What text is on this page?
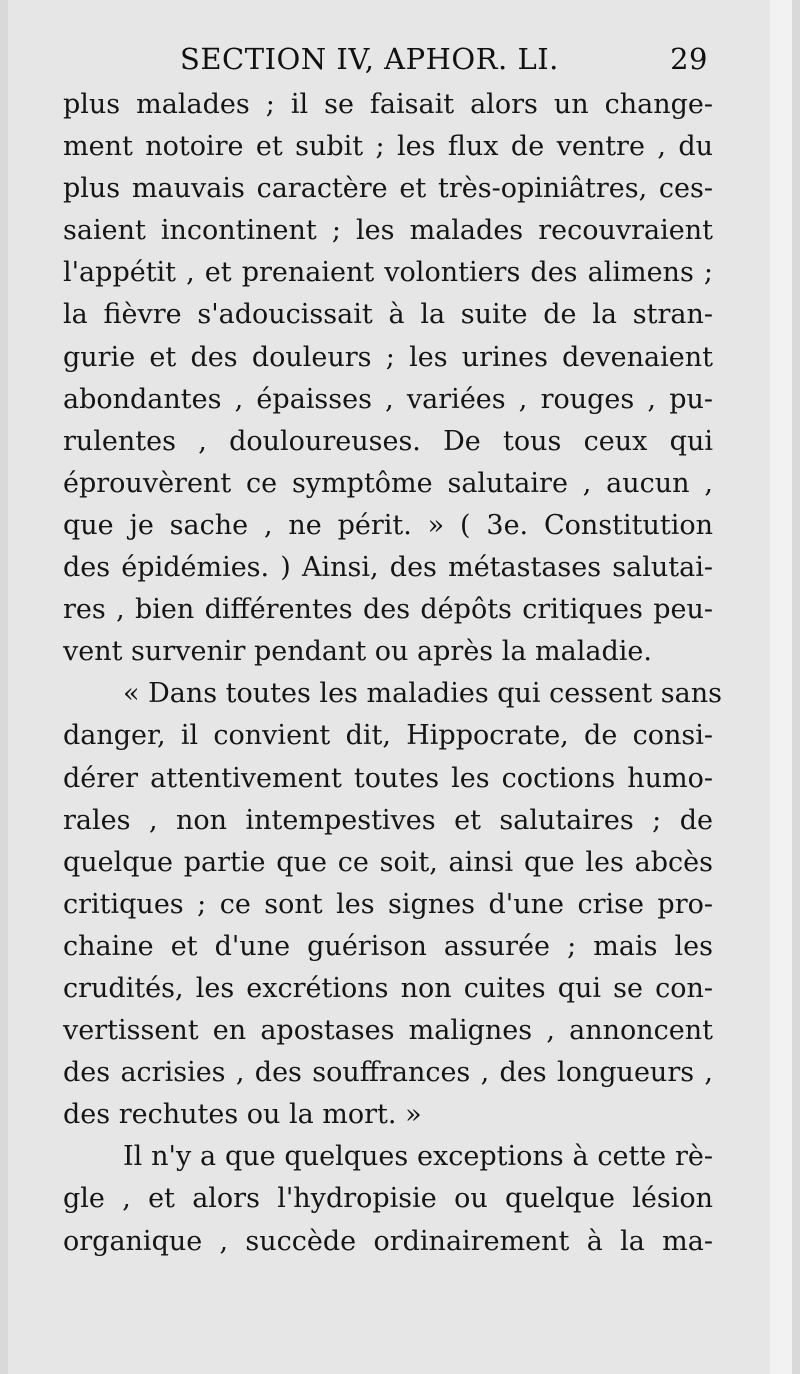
SECTION IV, APHOR. LI.	29

plus malades ; il se faisait alors un change-
ment notoire et subit ; les flux de ventre , du
plus mauvais caractère et très-opiniâtres, ces-
saient incontinent ; les malades recouvraient
l'appétit , et prenaient volontiers des alimens ;
la fièvre s'adoucissait à la suite de la stran-
gurie et des douleurs ; les urines devenaient
abondantes , épaisses , variées , rouges , pu-
rulentes , douloureuses. De tous ceux qui
éprouvèrent ce symptôme salutaire , aucun ,
que je sache , ne périt. » ( 3e. Constitution
des épidémies. ) Ainsi, des métastases salutai-
res , bien différentes des dépôts critiques peu-
vent survenir pendant ou après la maladie.

« Dans toutes les maladies qui cessent sans
danger, il convient dit, Hippocrate, de consi-
dérer attentivement toutes les coctions humo-
rales , non intempestives et salutaires ; de
quelque partie que ce soit, ainsi que les abcès
critiques ; ce sont les signes d'une crise pro-
chaine et d'une guérison assurée ; mais les
crudités, les excrétions non cuites qui se con-
vertissent en apostases malignes , annoncent
des acrisies , des souffrances , des longueurs ,
des rechutes ou la mort. »

Il n'y a que quelques exceptions à cette rè-
gle , et alors l'hydropisie ou quelque lésion
organique , succède ordinairement à la ma-
